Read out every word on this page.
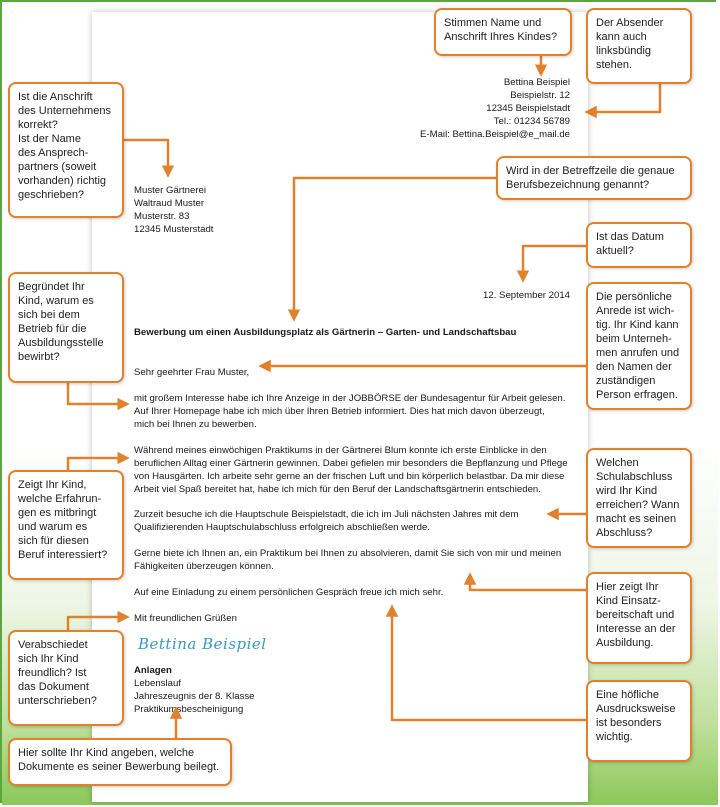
Bettina Beispiel
Beispielstr. 12
12345 Beispielstadt
Tel.: 01234 56789
E-Mail: Bettina.Beispiel@e_mail.de
Muster Gärtnerei
Waltraud Muster
Musterstr. 83
12345 Musterstadt
12. September 2014
Bewerbung um einen Ausbildungsplatz als Gärtnerin – Garten- und Landschaftsbau
Sehr geehrter Frau Muster,
mit großem Interesse habe ich Ihre Anzeige in der JOBBÖRSE der Bundesagentur für Arbeit gelesen.
Auf Ihrer Homepage habe ich mich über Ihren Betrieb informiert. Dies hat mich davon überzeugt,
mich bei Ihnen zu bewerben.
Während meines einwöchigen Praktikums in der Gärtnerei Blum konnte ich erste Einblicke in den
beruflichen Alltag einer Gärtnerin gewinnen. Dabei gefielen mir besonders die Bepflanzung und Pflege
von Hausgärten. Ich arbeite sehr gerne an der frischen Luft und bin körperlich belastbar. Da mir diese
Arbeit viel Spaß bereitet hat, habe ich mich für den Beruf der Landschaftsgärtnerin entschieden.
Zurzeit besuche ich die Hauptschule Beispielstadt, die ich im Juli nächsten Jahres mit dem
Qualifizierenden Hauptschulabschluss erfolgreich abschließen werde.
Gerne biete ich Ihnen an, ein Praktikum bei Ihnen zu absolvieren, damit Sie sich von mir und meinen
Fähigkeiten überzeugen können.
Auf eine Einladung zu einem persönlichen Gespräch freue ich mich sehr.
Mit freundlichen Grüßen
Bettina Beispiel
Anlagen
Lebenslauf
Jahreszeugnis der 8. Klasse
Praktikumsbescheinigung
Stimmen Name und
Anschrift Ihres Kindes?
Der Absender
kann auch
linksbündig
stehen.
Ist die Anschrift
des Unternehmens
korrekt?
Ist der Name
des Ansprech-
partners (soweit
vorhanden) richtig
geschrieben?
Wird in der Betreffzeile die genaue
Berufsbezeichnung genannt?
Ist das Datum
aktuell?
Begründet Ihr
Kind, warum es
sich bei dem
Betrieb für die
Ausbildungsstelle
bewirbt?
Die persönliche
Anrede ist wich-
tig. Ihr Kind kann
beim Unterneh-
men anrufen und
den Namen der
zuständigen
Person erfragen.
Zeigt Ihr Kind,
welche Erfahrun-
gen es mitbringt
und warum es
sich für diesen
Beruf interessiert?
Welchen
Schulabschluss
wird Ihr Kind
erreichen? Wann
macht es seinen
Abschluss?
Hier zeigt Ihr
Kind Einsatz-
bereitschaft und
Interesse an der
Ausbildung.
Verabschiedet
sich Ihr Kind
freundlich? Ist
das Dokument
unterschrieben?	Eine höfliche
Ausdrucksweise
ist besonders
wichtig.
Hier sollte Ihr Kind angeben, welche
Dokumente es seiner Bewerbung beilegt.
